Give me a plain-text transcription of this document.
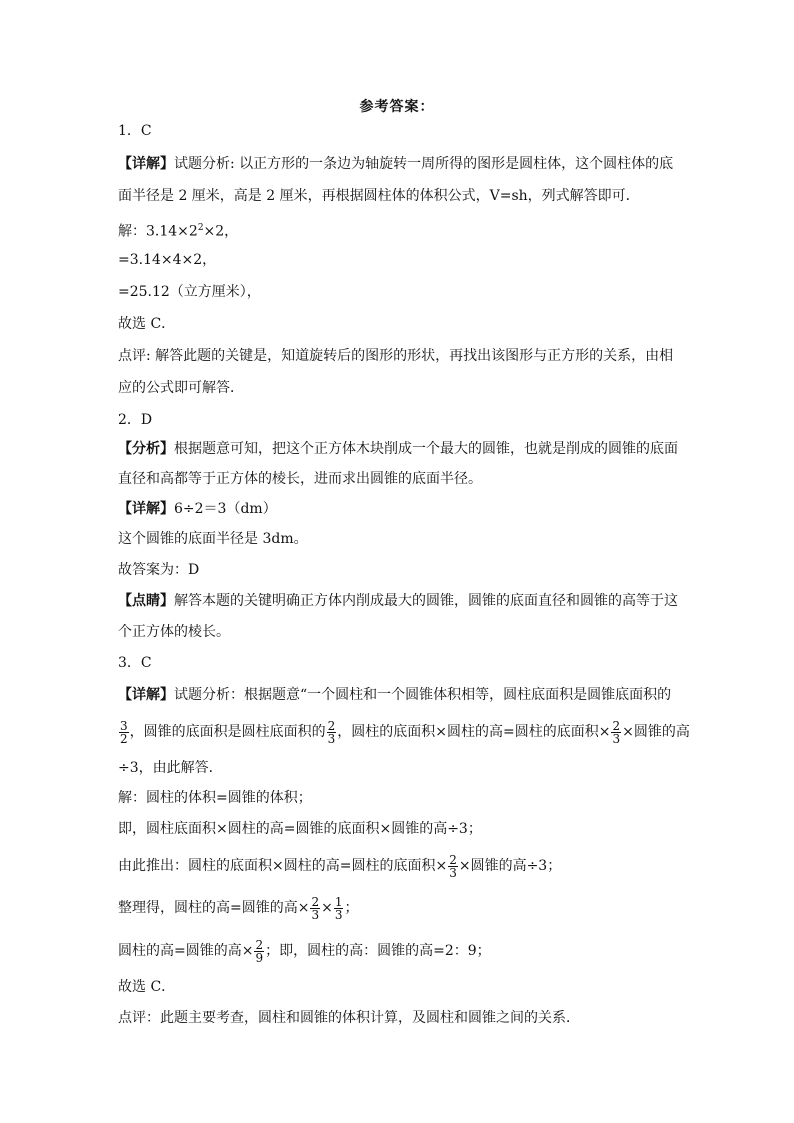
参考答案：
1．C
【详解】试题分析: 以正方形的一条边为轴旋转一周所得的图形是圆柱体，这个圆柱体的底
面半径是 2 厘米，高是 2 厘米，再根据圆柱体的体积公式，V=sh，列式解答即可．
解：$3.14\times 2^2\times 2$，
=3.14×4×2，
=25.12（立方厘米），
故选 C．
点评: 解答此题的关键是，知道旋转后的图形的形状，再找出该图形与正方形的关系，由相
应的公式即可解答．
2．D
【分析】根据题意可知，把这个正方体木块削成一个最大的圆锥，也就是削成的圆锥的底面
直径和高都等于正方体的棱长，进而求出圆锥的底面半径。
【详解】6÷2＝3（dm）
这个圆锥的底面半径是 3dm。
故答案为：D
【点睛】解答本题的关键明确正方体内削成最大的圆锥，圆锥的底面直径和圆锥的高等于这
个正方体的棱长。
3．C
【详解】试题分析：根据题意“一个圆柱和一个圆锥体积相等，圆柱底面积是圆锥底面积的
$\frac{3}{2}$ ，圆锥的底面积是圆柱底面积的 $\frac{2}{3}$ ，圆柱的底面积×圆柱的高=圆柱的底面积× $\frac{2}{3}$ ×圆锥的高
÷3，由此解答．
解：圆柱的体积=圆锥的体积；
即，圆柱底面积×圆柱的高=圆锥的底面积×圆锥的高÷3；
由此推出：圆柱的底面积×圆柱的高=圆柱的底面积× $\frac{2}{3}$ ×圆锥的高÷3；
整理得，圆柱的高=圆锥的高× $\frac{2}{3} \times \frac{1}{3}$ ；
圆柱的高=圆锥的高× $\frac{2}{9}$ ；即，圆柱的高：圆锥的高=2：9；
故选 C．
点评：此题主要考查，圆柱和圆锥的体积计算，及圆柱和圆锥之间的关系．
